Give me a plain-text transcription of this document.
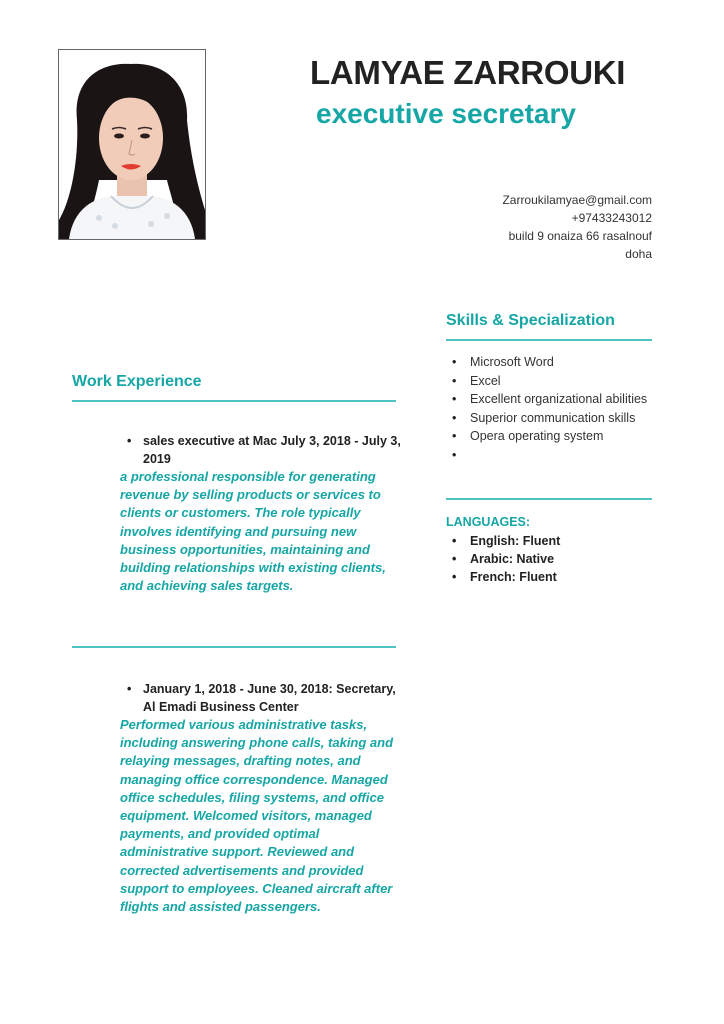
LAMYAE ZARROUKI
executive secretary
Zarroukilamyae@gmail.com
+97433243012
build 9 onaiza 66 rasalnouf
doha
Skills & Specialization
• Microsoft Word
• Excel
• Excellent organizational abilities
• Superior communication skills
• Opera operating system
•
LANGUAGES:
• English: Fluent
• Arabic: Native
• French: Fluent
Work Experience
• sales executive at Mac July 3, 2018 - July 3, 2019

a professional responsible for generating revenue by selling products or services to clients or customers. The role typically involves identifying and pursuing new business opportunities, maintaining and building relationships with existing clients, and achieving sales targets.

• January 1, 2018 - June 30, 2018: Secretary, Al Emadi Business Center

Performed various administrative tasks, including answering phone calls, taking and relaying messages, drafting notes, and managing office correspondence. Managed office schedules, filing systems, and office equipment. Welcomed visitors, managed payments, and provided optimal administrative support. Reviewed and corrected advertisements and provided support to employees. Cleaned aircraft after flights and assisted passengers.
